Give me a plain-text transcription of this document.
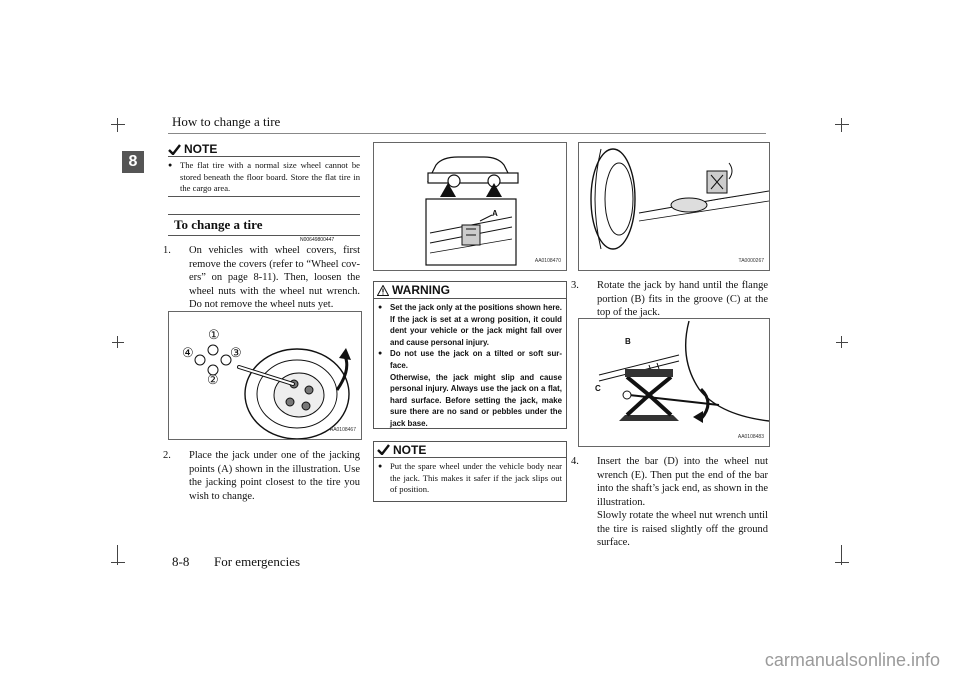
How to change a tire
8
NOTE
● The flat tire with a normal size wheel cannot be stored beneath the floor board. Store the flat tire in the cargo area.
To change a tire
N00649800447
1. On vehicles with wheel covers, first remove the covers (refer to “Wheel cov-ers” on page 8-11). Then, loosen the wheel nuts with the wheel nut wrench. Do not remove the wheel nuts yet.
①
③
②
④
AA0108467
2. Place the jack under one of the jacking points (A) shown in the illustration. Use the jacking point closest to the tire you wish to change.
A
AA0108470
WARNING
● Set the jack only at the positions shown here. If the jack is set at a wrong position, it could dent your vehicle or the jack might fall over and cause personal injury.
● Do not use the jack on a tilted or soft sur-face.
Otherwise, the jack might slip and cause personal injury. Always use the jack on a flat, hard surface. Before setting the jack, make sure there are no sand or pebbles under the jack base.
NOTE
● Put the spare wheel under the vehicle body near the jack. This makes it safer if the jack slips out of position.
TA0000267
3. Rotate the jack by hand until the flange portion (B) fits in the groove (C) at the top of the jack.
B
C
AA0108483
4. Insert the bar (D) into the wheel nut wrench (E). Then put the end of the bar into the shaft’s jack end, as shown in the illustration.
Slowly rotate the wheel nut wrench until the tire is raised slightly off the ground surface.
8-8 For emergencies
carmanualsonline.info
